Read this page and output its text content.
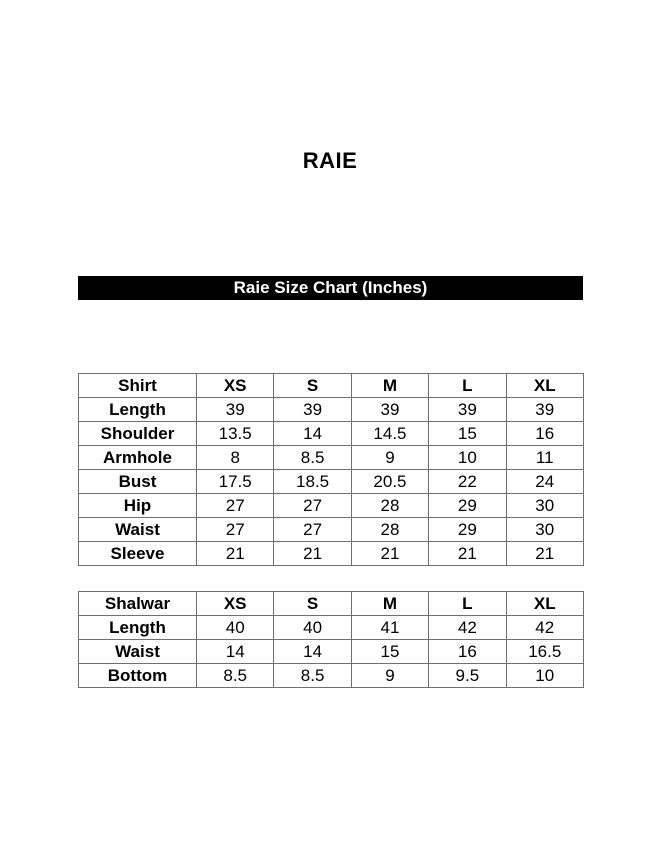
RAIE
Raie Size Chart (Inches)
Shirt	XS	S	M	L	XL
Length	39	39	39	39	39
Shoulder	13.5	14	14.5	15	16
Armhole	8	8.5	9	10	11
Bust	17.5	18.5	20.5	22	24
Hip	27	27	28	29	30
Waist	27	27	28	29	30
Sleeve	21	21	21	21	21
Shalwar	XS	S	M	L	XL
Length	40	40	41	42	42
Waist	14	14	15	16	16.5
Bottom	8.5	8.5	9	9.5	10
